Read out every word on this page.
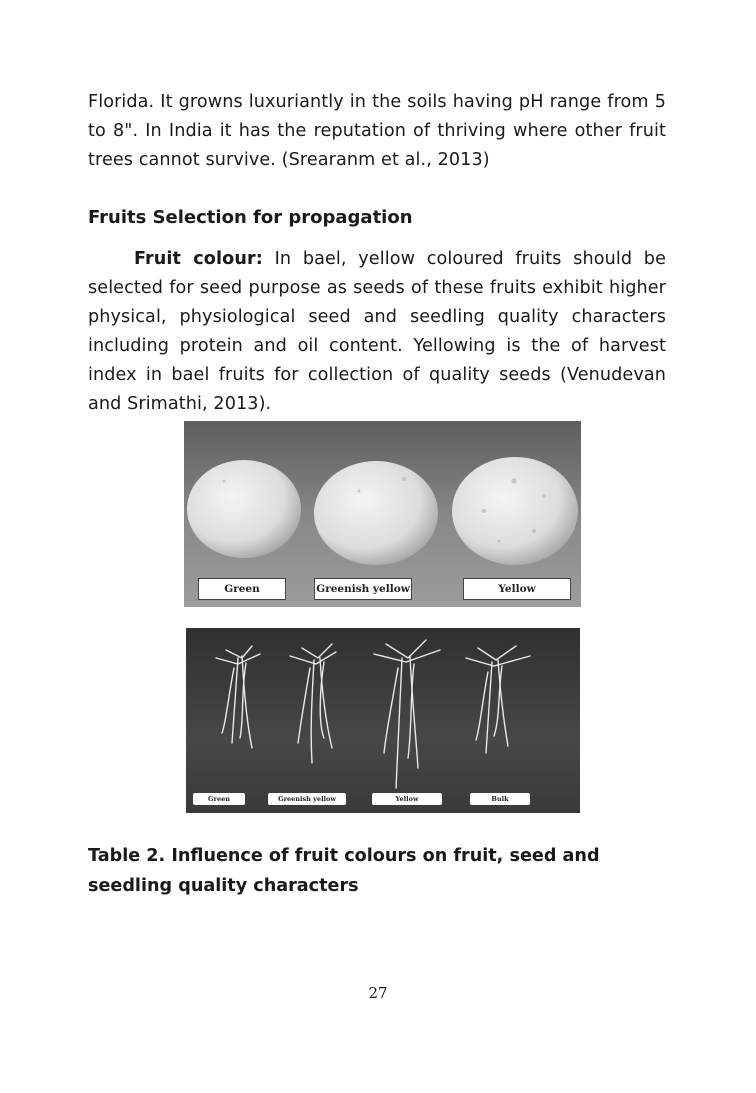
Florida. It growns luxuriantly in the soils having pH range from 5 to 8". In India it has the reputation of thriving where other fruit trees cannot survive. (Srearanm et al., 2013)
Fruits Selection for propagation
Fruit colour: In bael, yellow coloured fruits should be selected for seed purpose as seeds of these fruits exhibit higher physical, physiological seed and seedling quality characters including protein and oil content. Yellowing is the of harvest index in bael fruits for collection of quality seeds (Venudevan and Srimathi, 2013).
Green	Greenish yellow	Yellow
Green	Greenish yellow	Yellow	Bulk
Table 2. Influence of fruit colours on fruit, seed and seedling quality characters
27
